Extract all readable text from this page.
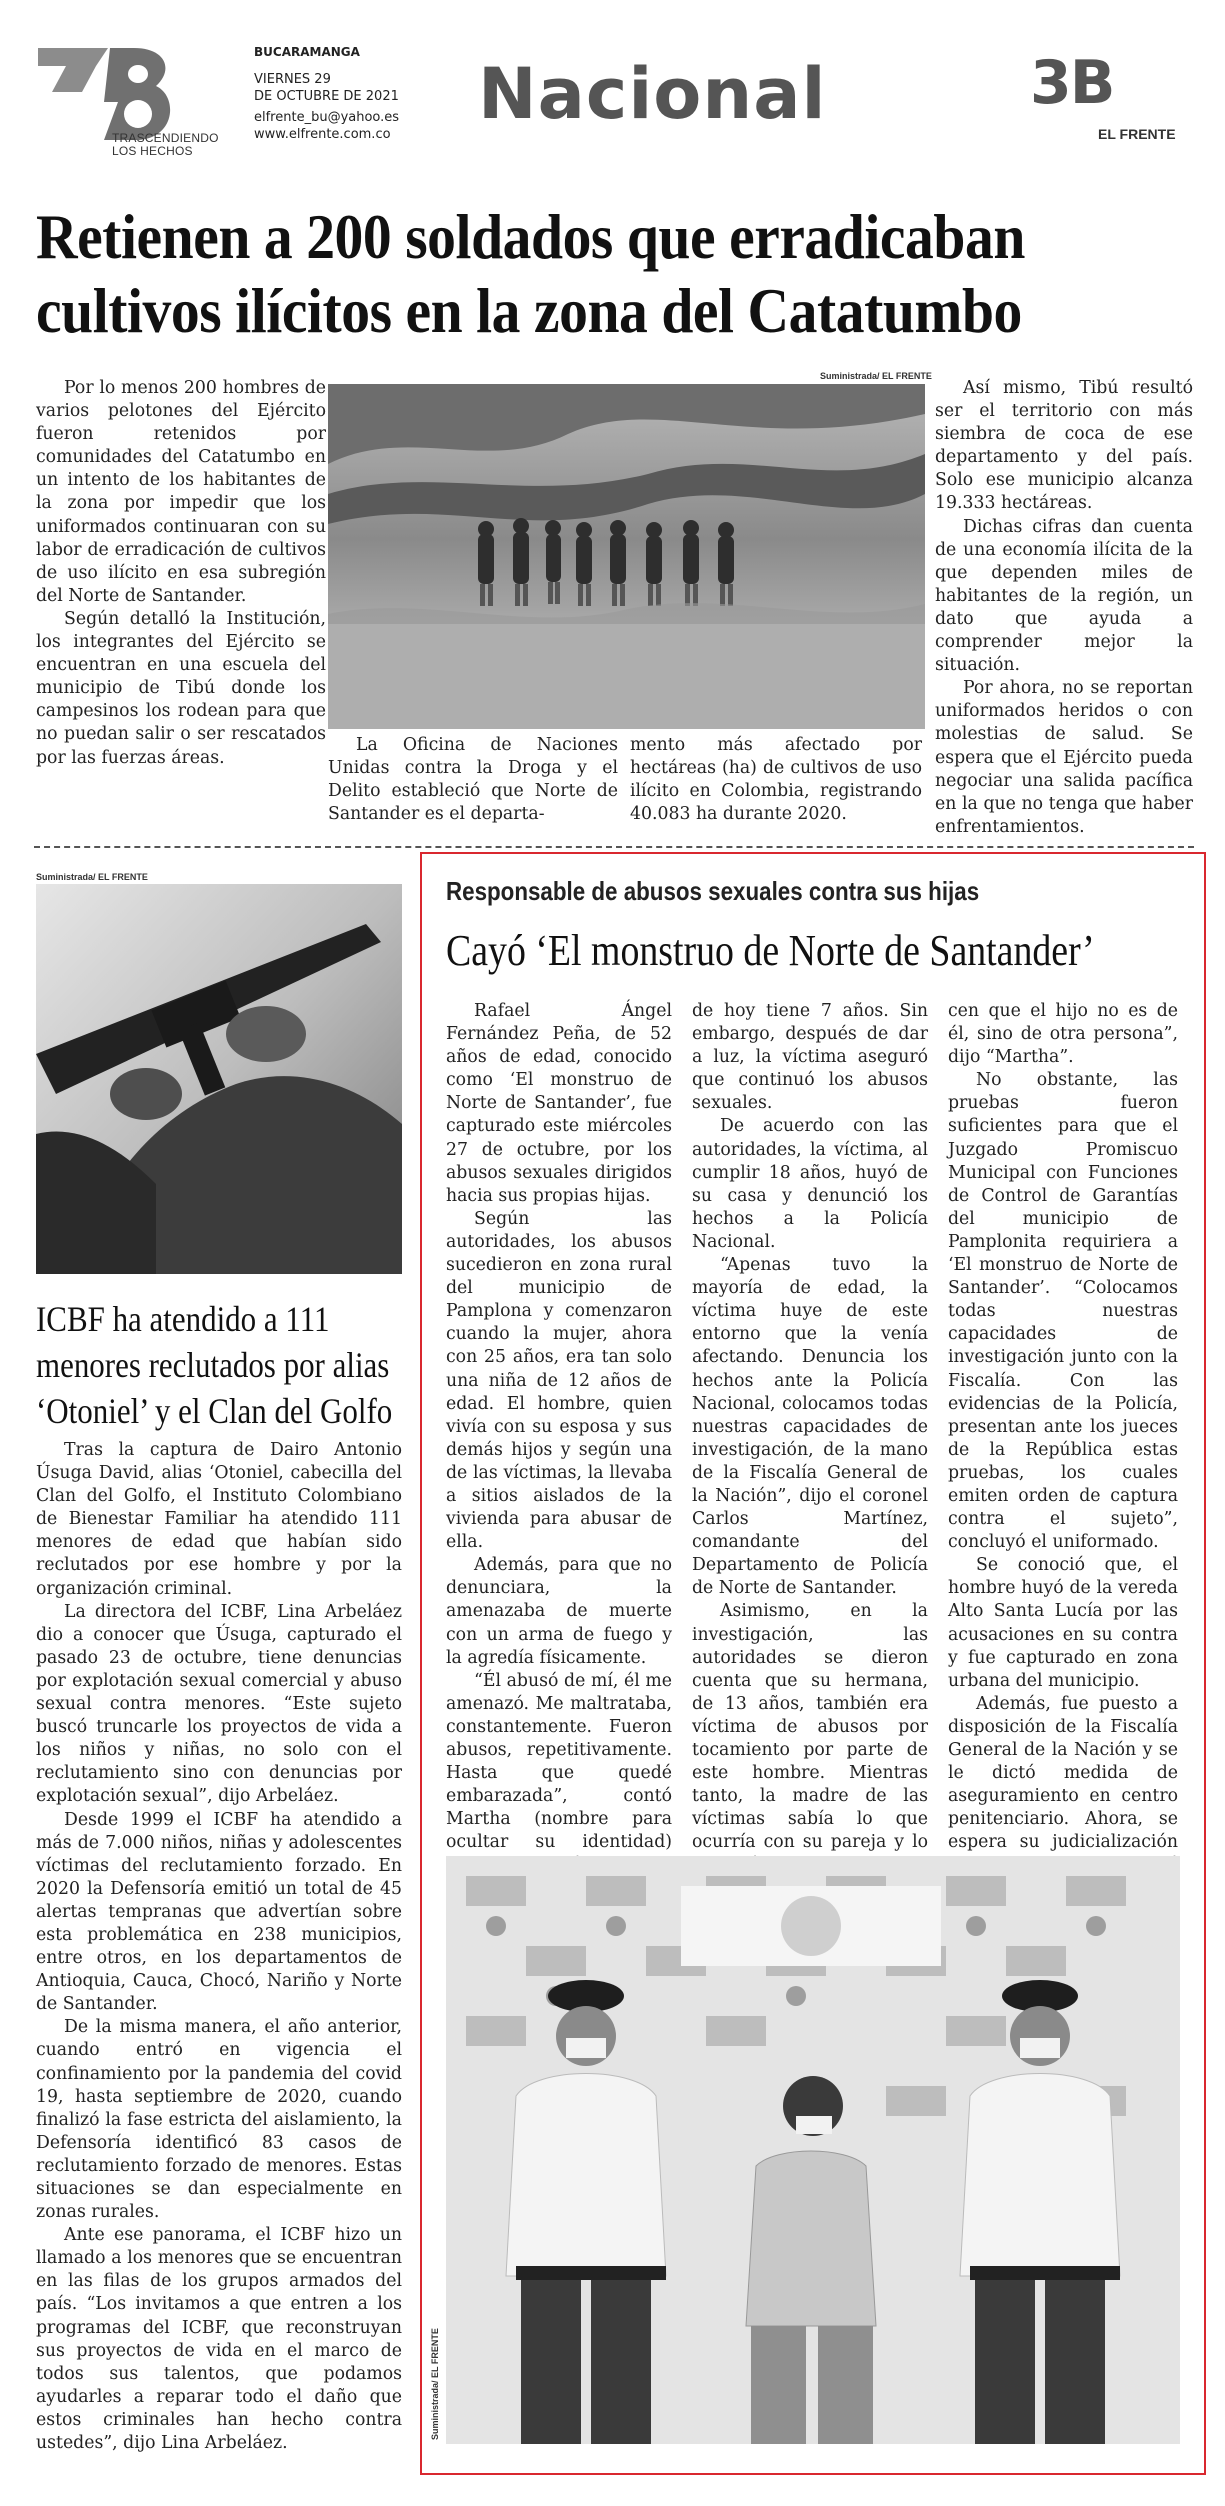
TRASCENDIENDO LOS HECHOS
BUCARAMANGA
VIERNES 29
DE OCTUBRE DE 2021
elfrente_bu@yahoo.es
www.elfrente.com.co Nacional	3B
EL FRENTE
Retienen a 200 soldados que erradicaban cultivos ilícitos en la zona del Catatumbo

Por lo menos 200 hombres de varios pelotones del Ejército fueron retenidos por comunidades del Catatumbo en un intento de los habitantes de la zona por impedir que los uniformados continuaran con su labor de erradicación de cultivos de uso ilícito en esa subregión del Norte de Santander.

Según detalló la Institución, los integrantes del Ejército se encuentran en una escuela del municipio de Tibú donde los campesinos los rodean para que no puedan salir o ser rescatados por las fuerzas áreas.

Suministrada/ EL FRENTE

La Oficina de Naciones Unidas contra la Droga y el Delito estableció que Norte de Santander es el departa-

mento más afectado por hectáreas (ha) de cultivos de uso ilícito en Colombia, registrando 40.083 ha durante 2020.

Así mismo, Tibú resultó ser el territorio con más siembra de coca de ese departamento y del país. Solo ese municipio alcanza 19.333 hectáreas.

Dichas cifras dan cuenta de una economía ilícita de la que dependen miles de habitantes de la región, un dato que ayuda a comprender mejor la situación.

Por ahora, no se reportan uniformados heridos o con molestias de salud. Se espera que el Ejército pueda negociar una salida pacífica en la que no tenga que haber enfrentamientos.

Suministrada/ EL FRENTE
ICBF ha atendido a 111 menores reclutados por alias ‘Otoniel’ y el Clan del Golfo

Tras la captura de Dairo Antonio Úsuga David, alias ‘Otoniel, cabecilla del Clan del Golfo, el Instituto Colombiano de Bienestar Familiar ha atendido 111 menores de edad que habían sido reclutados por ese hombre y por la organización criminal.

La directora del ICBF, Lina Arbeláez dio a conocer que Úsuga, capturado el pasado 23 de octubre, tiene denuncias por explotación sexual comercial y abuso sexual contra menores. “Este sujeto buscó truncarle los proyectos de vida a los niños y niñas, no solo con el reclutamiento sino con denuncias por explotación sexual”, dijo Arbeláez.

Desde 1999 el ICBF ha atendido a más de 7.000 niños, niñas y adolescentes víctimas del reclutamiento forzado. En 2020 la Defensoría emitió un total de 45 alertas tempranas que advertían sobre esta problemática en 238 municipios, entre otros, en los departamentos de Antioquia, Cauca, Chocó, Nariño y Norte de Santander.

De la misma manera, el año anterior, cuando entró en vigencia el confinamiento por la pandemia del covid 19, hasta septiembre de 2020, cuando finalizó la fase estricta del aislamiento, la Defensoría identificó 83 casos de reclutamiento forzado de menores. Estas situaciones se dan especialmente en zonas rurales.

Ante ese panorama, el ICBF hizo un llamado a los menores que se encuentran en las filas de los grupos armados del país. “Los invitamos a que entren a los programas del ICBF, que reconstruyan sus proyectos de vida en el marco de todos sus talentos, que podamos ayudarles a reparar todo el daño que estos criminales han hecho contra ustedes”, dijo Lina Arbeláez.

Responsable de abusos sexuales contra sus hijas
Cayó ‘El monstruo de Norte de Santander’

Rafael Ángel Fernández Peña, de 52 años de edad, conocido como ‘El monstruo de Norte de Santander’, fue capturado este miércoles 27 de octubre, por los abusos sexuales dirigidos hacia sus propias hijas.

Según las autoridades, los abusos sucedieron en zona rural del municipio de Pamplona y comenzaron cuando la mujer, ahora con 25 años, era tan solo una niña de 12 años de edad. El hombre, quien vivía con su esposa y sus demás hijos y según una de las víctimas, la llevaba a sitios aislados de la vivienda para abusar de ella.

Además, para que no denunciara, la amenazaba de muerte con un arma de fuego y la agredía físicamente.

“Él abusó de mí, él me amenazó. Me maltrataba, constantemente. Fueron abusos, repetitivamente. Hasta que quedé embarazada”, contó Martha (nombre para ocultar su identidad)

de hoy tiene 7 años. Sin embargo, después de dar a luz, la víctima aseguró que continuó los abusos sexuales.

De acuerdo con las autoridades, la víctima, al cumplir 18 años, huyó de su casa y denunció los hechos a la Policía Nacional.

“Apenas tuvo la mayoría de edad, la víctima huye de este entorno que la venía afectando. Denuncia los hechos ante la Policía Nacional, colocamos todas nuestras capacidades de investigación, de la mano de la Fiscalía General de la Nación”, dijo el coronel Carlos Martínez, comandante del Departamento de Policía de Norte de Santander.

Asimismo, en la investigación, las autoridades se dieron cuenta que su hermana, de 13 años, también era víctima de abusos por tocamiento por parte de este hombre. Mientras tanto, la madre de las víctimas sabía lo que ocurría con su pareja y lo

cen que el hijo no es de él, sino de otra persona”, dijo “Martha”.

No obstante, las pruebas fueron suficientes para que el Juzgado Promiscuo Municipal con Funciones de Control de Garantías del municipio de Pamplonita requiriera a ‘El monstruo de Norte de Santander’. “Colocamos todas nuestras capacidades de investigación junto con la Fiscalía. Con las evidencias de la Policía, presentan ante los jueces de la República estas pruebas, los cuales emiten orden de captura contra el sujeto”, concluyó el uniformado.

Se conoció que, el hombre huyó de la vereda Alto Santa Lucía por las acusaciones en su contra y fue capturado en zona urbana del municipio.

Además, fue puesto a disposición de la Fiscalía General de la Nación y se le dictó medida de aseguramiento en centro penitenciario. Ahora, se espera su judicialización

Suministrada/ EL FRENTE
